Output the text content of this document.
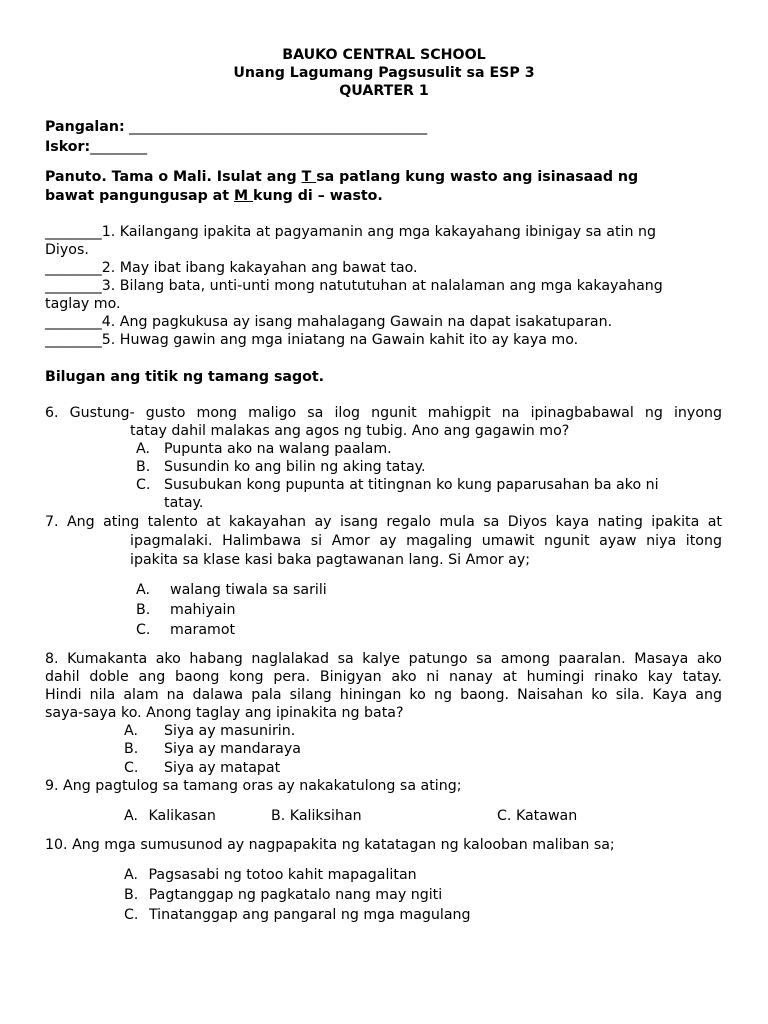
BAUKO CENTRAL SCHOOL
Unang Lagumang Pagsusulit sa ESP 3
QUARTER 1
Pangalan: __________________________________________
Iskor:________
Panuto. Tama o Mali. Isulat ang T sa patlang kung wasto ang isinasaad ng
bawat pangungusap at M kung di – wasto.
________1. Kailangang ipakita at pagyamanin ang mga kakayahang ibinigay sa atin ng
Diyos.
________2. May ibat ibang kakayahan ang bawat tao.
________3. Bilang bata, unti-unti mong natututuhan at nalalaman ang mga kakayahang
taglay mo.
________4. Ang pagkukusa ay isang mahalagang Gawain na dapat isakatuparan.
________5. Huwag gawin ang mga iniatang na Gawain kahit ito ay kaya mo.
Bilugan ang titik ng tamang sagot.
6. Gustung- gusto mong maligo sa ilog ngunit mahigpit na ipinagbabawal ng inyong
tatay dahil malakas ang agos ng tubig. Ano ang gagawin mo?
A. Pupunta ako na walang paalam.
B. Susundin ko ang bilin ng aking tatay.
C. Susubukan kong pupunta at titingnan ko kung paparusahan ba ako ni
tatay.
7. Ang ating talento at kakayahan ay isang regalo mula sa Diyos kaya nating ipakita at
ipagmalaki. Halimbawa si Amor ay magaling umawit ngunit ayaw niya itong
ipakita sa klase kasi baka pagtawanan lang. Si Amor ay;
A. walang tiwala sa sarili
B. mahiyain
C. maramot
8. Kumakanta ako habang naglalakad sa kalye patungo sa among paaralan. Masaya ako
dahil doble ang baong kong pera. Binigyan ako ni nanay at humingi rinako kay tatay.
Hindi nila alam na dalawa pala silang hiningan ko ng baong. Naisahan ko sila. Kaya ang
saya-saya ko. Anong taglay ang ipinakita ng bata?
A. Siya ay masunirin.
B. Siya ay mandaraya
C. Siya ay matapat
9. Ang pagtulog sa tamang oras ay nakakatulong sa ating;
A. Kalikasan	B. Kaliksihan	C. Katawan
10. Ang mga sumusunod ay nagpapakita ng katatagan ng kalooban maliban sa;
A. Pagsasabi ng totoo kahit mapagalitan
B. Pagtanggap ng pagkatalo nang may ngiti
C. Tinatanggap ang pangaral ng mga magulang
